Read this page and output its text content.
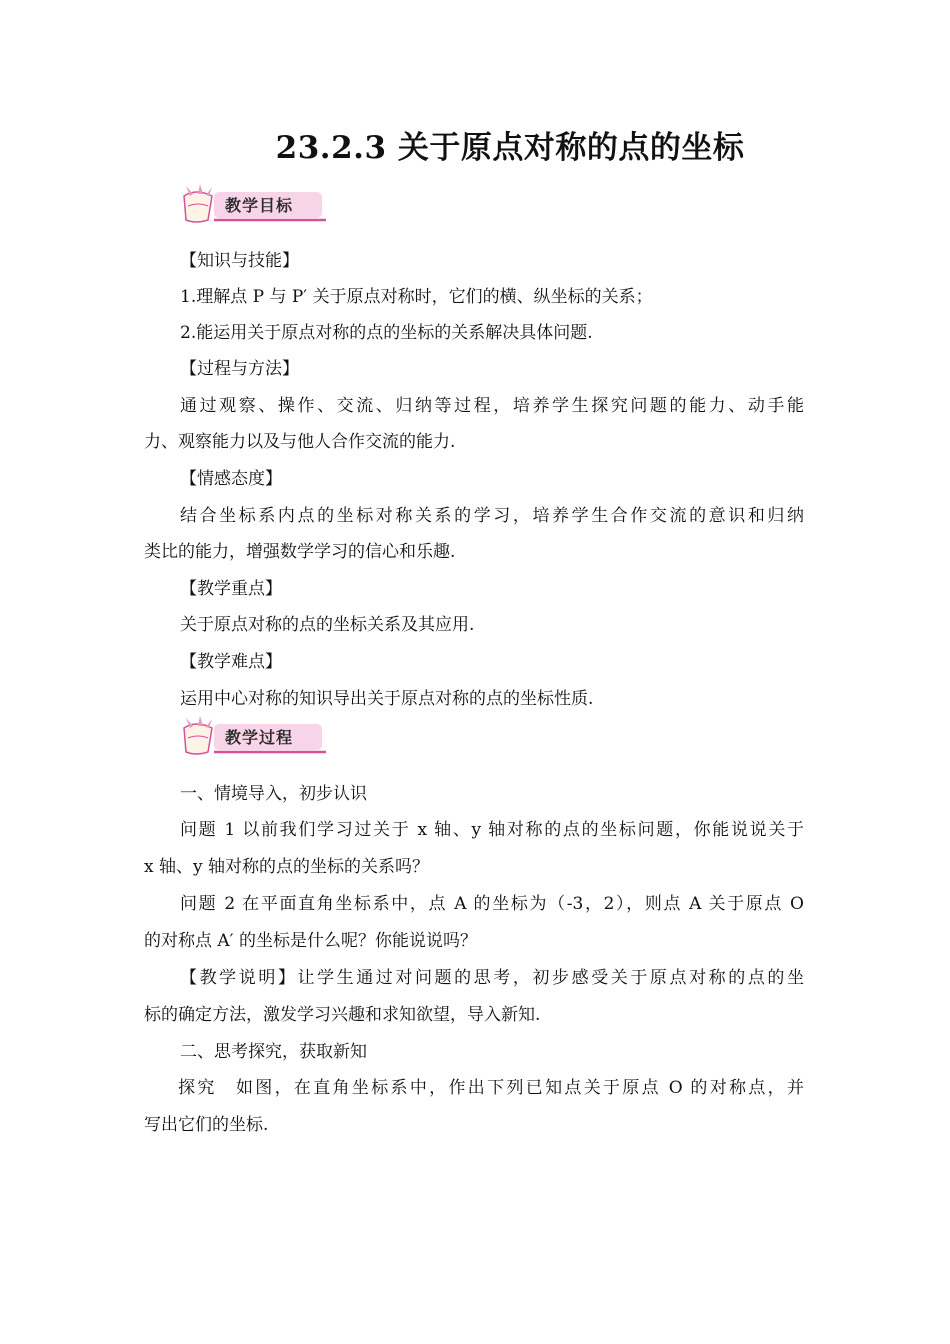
23.2.3 关于原点对称的点的坐标
教学目标
【知识与技能】
1.理解点 P 与 P′ 关于原点对称时，它们的横、纵坐标的关系；
2.能运用关于原点对称的点的坐标的关系解决具体问题.
【过程与方法】
通过观察、操作、交流、归纳等过程，培养学生探究问题的能力、动手能
力、观察能力以及与他人合作交流的能力.
【情感态度】
结合坐标系内点的坐标对称关系的学习，培养学生合作交流的意识和归纳
类比的能力，增强数学学习的信心和乐趣.
【教学重点】
关于原点对称的点的坐标关系及其应用.
【教学难点】
运用中心对称的知识导出关于原点对称的点的坐标性质.
教学过程
一、情境导入，初步认识
问题 1 以前我们学习过关于 x 轴、y 轴对称的点的坐标问题，你能说说关于
x 轴、y 轴对称的点的坐标的关系吗？
问题 2 在平面直角坐标系中，点 A 的坐标为（-3，2），则点 A 关于原点 O
的对称点 A′ 的坐标是什么呢？你能说说吗？
【教学说明】让学生通过对问题的思考，初步感受关于原点对称的点的坐
标的确定方法，激发学习兴趣和求知欲望，导入新知.
二、思考探究，获取新知
探究　如图，在直角坐标系中，作出下列已知点关于原点 O 的对称点，并
写出它们的坐标.
